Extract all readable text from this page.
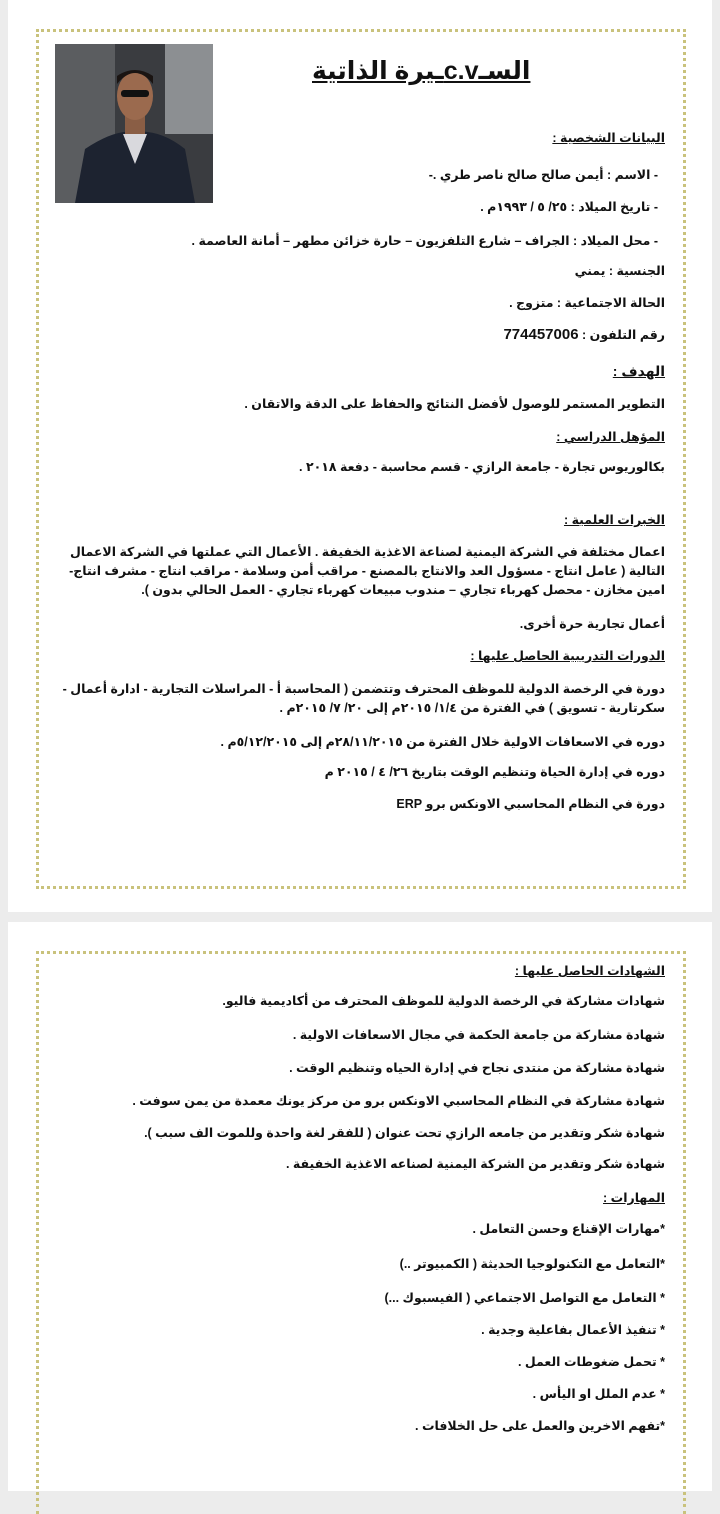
السـc.vـيرة الذاتية
البيانات الشخصية :
- الاسم : أيمن صالح صالح ناصر طري .-
- تاريخ الميلاد : ٢٥/ ٥ / ١٩٩٣م .
- محل الميلاد : الجراف – شارع التلفزيون – حارة خزائن مطهر – أمانة العاصمة .
الجنسية : يمني
الحالة الاجتماعية : متزوج .
رقم التلفون : 774457006
الهدف :
التطوير المستمر للوصول لأفضل النتائج والحفاظ على الدقة والاتقان .
المؤهل الدراسي :
بكالوريوس تجارة - جامعة الرازي - قسم محاسبة - دفعة ٢٠١٨ .
الخبرات العلمية :
اعمال مختلفة في الشركة اليمنية لصناعة الاغذية الخفيفة . الأعمال التي عملتها في الشركة الاعمال التالية ( عامل انتاج - مسؤول العد والانتاج بالمصنع - مراقب أمن وسلامة - مراقب انتاج - مشرف انتاج- امين مخازن - محصل كهرباء تجاري – مندوب مبيعات كهرباء تجاري - العمل الحالي بدون ).
أعمال تجارية حرة أخرى.
الدورات التدريبية الحاصل عليها :
دورة في الرخصة الدولية للموظف المحترف وتتضمن ( المحاسبة أ - المراسلات التجارية - ادارة أعمال - سكرتارية - تسويق ) في الفترة من ١/٤/ ٢٠١٥م إلى ٢٠/ ٧/ ٢٠١٥م .
دوره في الاسعافات الاولية خلال الفترة من ٢٨/١١/٢٠١٥م إلى ٥/١٢/٢٠١٥م .
دوره في إدارة الحياة وتنظيم الوقت بتاريخ ٢٦/ ٤ / ٢٠١٥ م
دورة في النظام المحاسبي الاونكس برو ERP
الشهادات الحاصل عليها :
شهادات مشاركة في الرخصة الدولية للموظف المحترف من أكاديمية فاليو.
شهادة مشاركة من جامعة الحكمة في مجال الاسعافات الاولية .
شهادة مشاركة من منتدى نجاح في إدارة الحياه وتنظيم الوقت .
شهادة مشاركة في النظام المحاسبي الاونكس برو من مركز يونك معمدة من يمن سوفت .
شهادة شكر وتقدير من جامعه الرازي تحت عنوان ( للفقر لغة واحدة وللموت الف سبب ).
شهادة شكر وتقدير من الشركة اليمنية لصناعه الاغذية الخفيفة .
المهارات :
*مهارات الإقناع وحسن التعامل .
*التعامل مع التكنولوجيا الحديثة ( الكمبيوتر ..)
* التعامل مع التواصل الاجتماعي ( الفيسبوك ...)
* تنفيذ الأعمال بفاعلية وجدية .
* تحمل ضغوطات العمل .
* عدم الملل او اليأس .
*تفهم الاخرين والعمل على حل الخلافات .
